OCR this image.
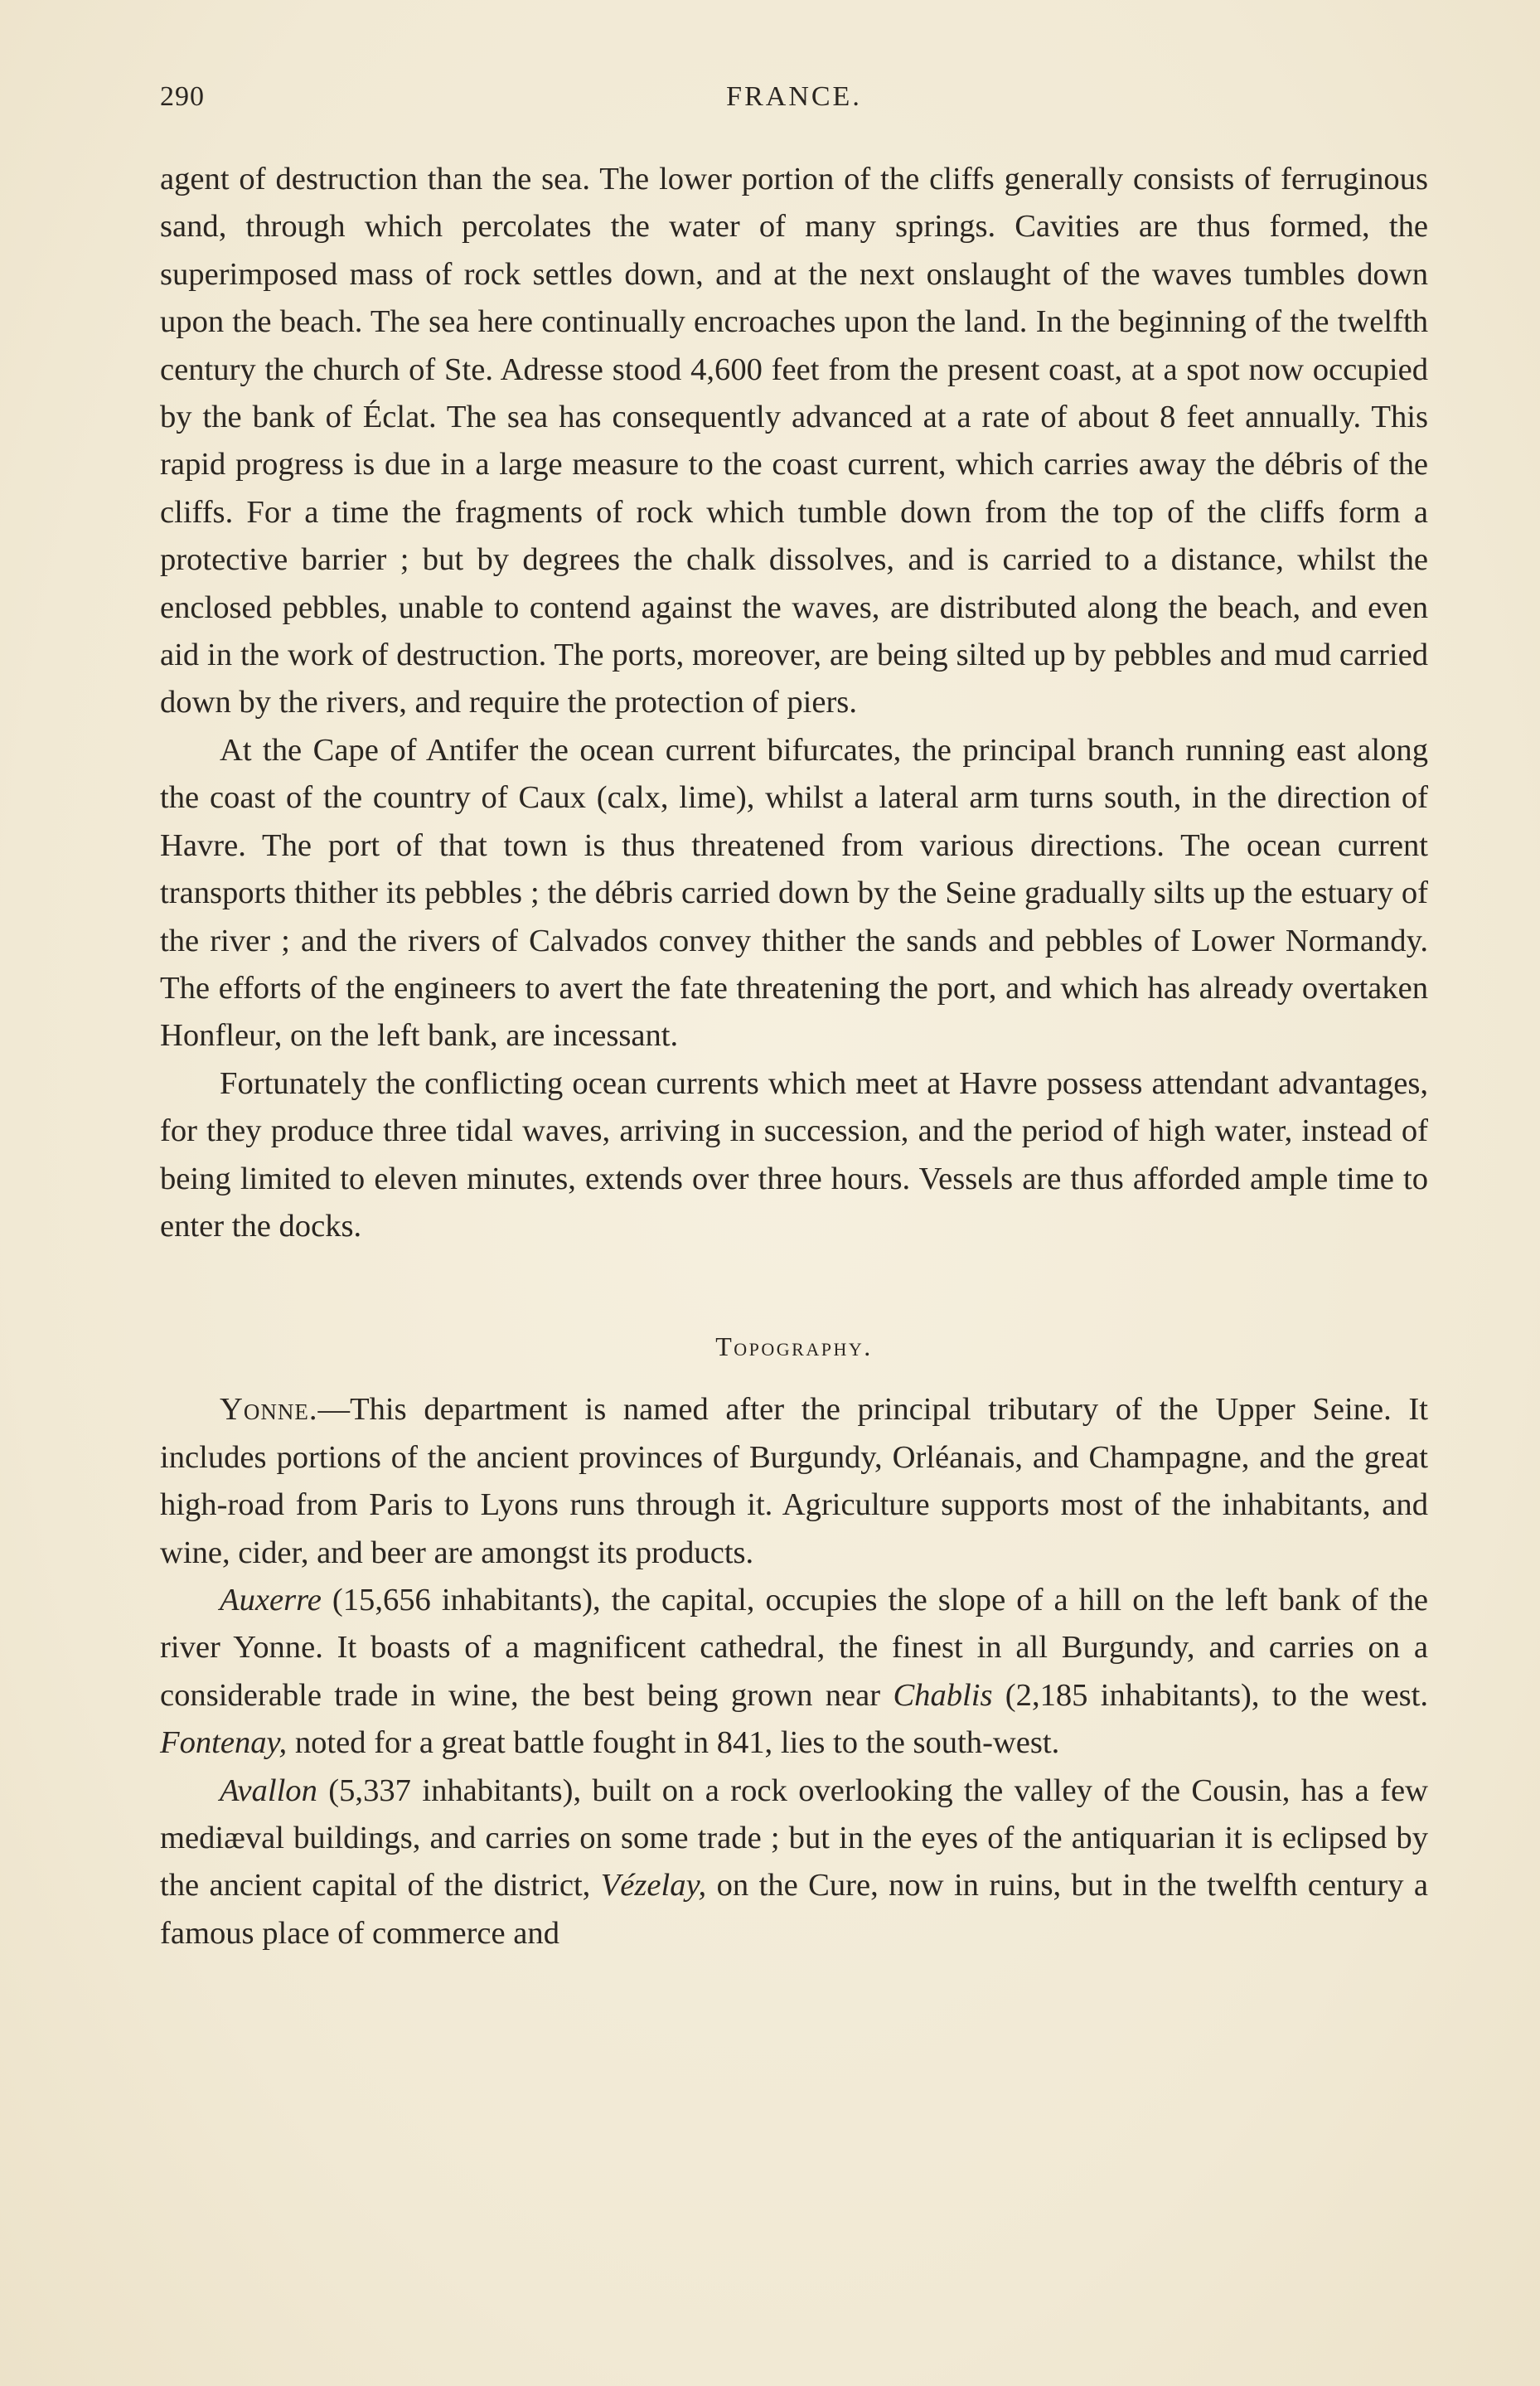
290	FRANCE.

agent of destruction than the sea. The lower portion of the cliffs generally consists of ferruginous sand, through which percolates the water of many springs. Cavities are thus formed, the superimposed mass of rock settles down, and at the next onslaught of the waves tumbles down upon the beach. The sea here continually encroaches upon the land. In the beginning of the twelfth century the church of Ste. Adresse stood 4,600 feet from the present coast, at a spot now occupied by the bank of Éclat. The sea has consequently advanced at a rate of about 8 feet annually. This rapid progress is due in a large measure to the coast current, which carries away the débris of the cliffs. For a time the fragments of rock which tumble down from the top of the cliffs form a protective barrier ; but by degrees the chalk dissolves, and is carried to a distance, whilst the enclosed pebbles, unable to contend against the waves, are distributed along the beach, and even aid in the work of destruction. The ports, moreover, are being silted up by pebbles and mud carried down by the rivers, and require the protection of piers.

At the Cape of Antifer the ocean current bifurcates, the principal branch running east along the coast of the country of Caux (calx, lime), whilst a lateral arm turns south, in the direction of Havre. The port of that town is thus threatened from various directions. The ocean current transports thither its pebbles ; the débris carried down by the Seine gradually silts up the estuary of the river ; and the rivers of Calvados convey thither the sands and pebbles of Lower Normandy. The efforts of the engineers to avert the fate threatening the port, and which has already overtaken Honfleur, on the left bank, are incessant.

Fortunately the conflicting ocean currents which meet at Havre possess attendant advantages, for they produce three tidal waves, arriving in succession, and the period of high water, instead of being limited to eleven minutes, extends over three hours. Vessels are thus afforded ample time to enter the docks.

Topography.

Yonne.—This department is named after the principal tributary of the Upper Seine. It includes portions of the ancient provinces of Burgundy, Orléanais, and Champagne, and the great high-road from Paris to Lyons runs through it. Agriculture supports most of the inhabitants, and wine, cider, and beer are amongst its products.

Auxerre (15,656 inhabitants), the capital, occupies the slope of a hill on the left bank of the river Yonne. It boasts of a magnificent cathedral, the finest in all Burgundy, and carries on a considerable trade in wine, the best being grown near Chablis (2,185 inhabitants), to the west. Fontenay, noted for a great battle fought in 841, lies to the south-west.

Avallon (5,337 inhabitants), built on a rock overlooking the valley of the Cousin, has a few mediæval buildings, and carries on some trade ; but in the eyes of the antiquarian it is eclipsed by the ancient capital of the district, Vézelay, on the Cure, now in ruins, but in the twelfth century a famous place of commerce and
